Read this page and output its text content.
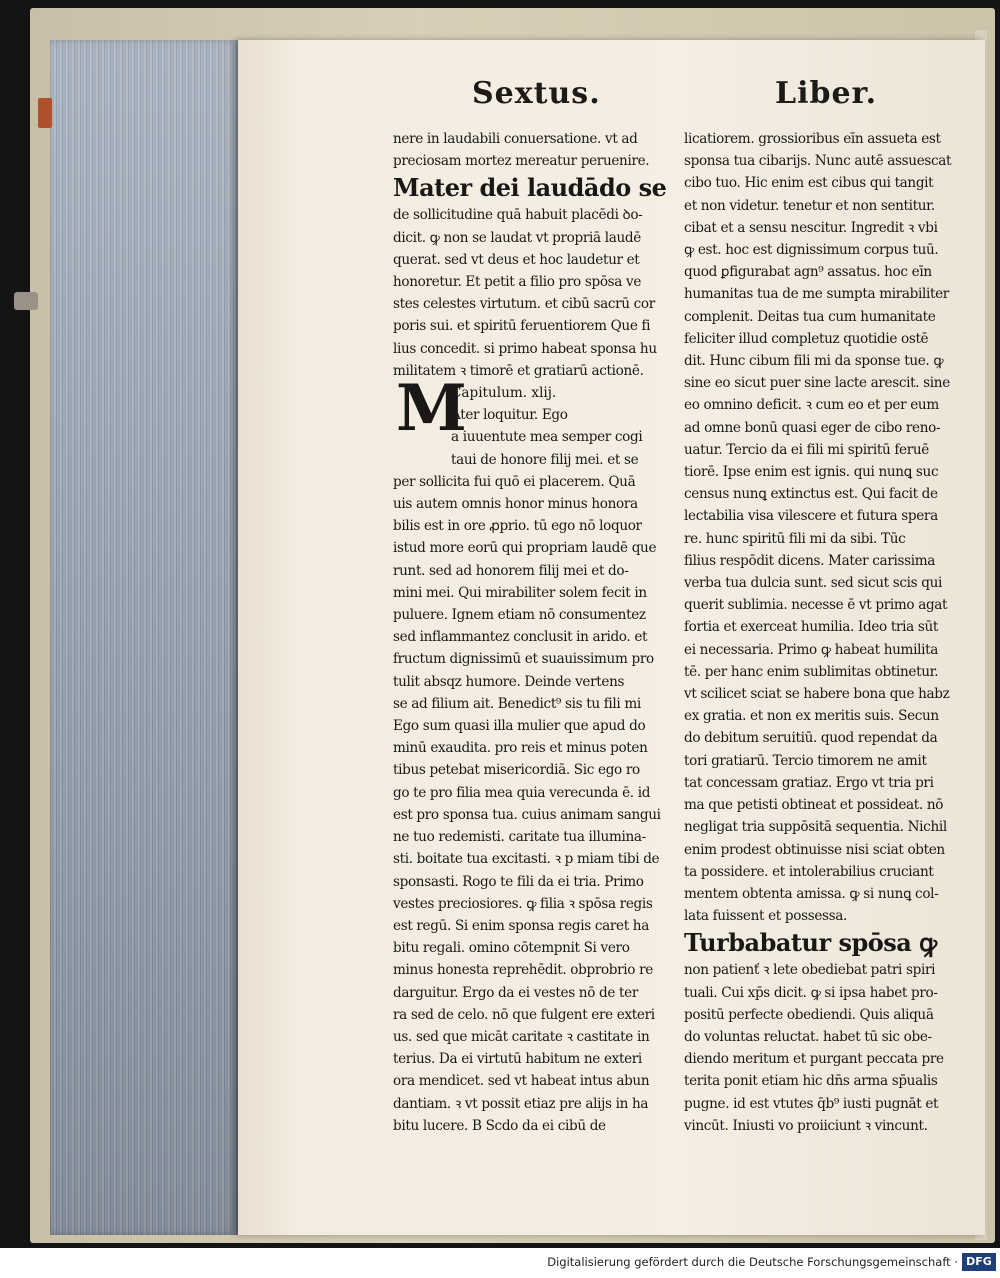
Sextus.	Liber.
nere in laudabili conuersatione. vt ad
preciosam mortez mereatur peruenire.
Mater dei laudādo se
de sollicitudine quā habuit placēdi ꝺo-
dicit. ꝙ non se laudat vt propriā laudē
querat. sed vt deus et hoc laudetur et
honoretur. Et petit a filio pro spōsa ve
stes celestes virtutum. et cibū sacrū cor
poris sui. et spiritū feruentiorem Que fi
lius concedit. si primo habeat sponsa hu
militatem ꝛ timorē et gratiarū actionē.
Capitulum. xlij.
Ater loquitur. Ego
a iuuentute mea semper cogi
taui de honore filij mei. et se
per sollicita fui quō ei placerem. Quā
uis autem omnis honor minus honora
bilis est in ore ꝓprio. tū ego nō loquor
istud more eorū qui propriam laudē que
runt. sed ad honorem filij mei et do-
mini mei. Qui mirabiliter solem fecit in
puluere. Ignem etiam nō consumentez
sed inflammantez conclusit in arido. et
fructum dignissimū et suauissimum pro
tulit absqz humore. Deinde vertens
se ad filium ait. Benedict⁹ sis tu fili mi
Ego sum quasi illa mulier que apud do
minū exaudita. pro reis et minus poten
tibus petebat misericordiā. Sic ego ro
go te pro filia mea quia verecunda ē. id
est pro sponsa tua. cuius animam sangui
ne tuo redemisti. caritate tua illumina-
sti. boitate tua excitasti. ꝛ p miam tibi de
sponsasti. Rogo te fili da ei tria. Primo
vestes preciosiores. ꝙ filia ꝛ spōsa regis
est regū. Si enim sponsa regis caret ha
bitu regali. omino cōtempnit Si vero
minus honesta reprehēdit. obprobrio re
darguitur. Ergo da ei vestes nō de ter
ra sed de celo. nō que fulgent ere exteri
us. sed que micāt caritate ꝛ castitate in
terius. Da ei virtutū habitum ne exteri
ora mendicet. sed vt habeat intus abun
dantiam. ꝛ vt possit etiaz pre alijs in ha
bitu lucere. B Scdo da ei cibū de
M
licatiorem. grossioribus eīn assueta est
sponsa tua cibarijs. Nunc autē assuescat
cibo tuo. Hic enim est cibus qui tangit
et non videtur. tenetur et non sentitur.
cibat et a sensu nescitur. Ingredit ꝛ vbi
ꝙ est. hoc est dignissimum corpus tuū.
quod ꝑfigurabat agn⁹ assatus. hoc eīn
humanitas tua de me sumpta mirabiliter
complenit. Deitas tua cum humanitate
feliciter illud completuz quotidie ostē
dit. Hunc cibum fili mi da sponse tue. ꝙ
sine eo sicut puer sine lacte arescit. sine
eo omnino deficit. ꝛ cum eo et per eum
ad omne bonū quasi eger de cibo reno-
uatur. Tercio da ei fili mi spiritū feruē
tiorē. Ipse enim est ignis. qui nunꝗ suc
census nunꝗ extinctus est. Qui facit de
lectabilia visa vilescere et futura spera
re. hunc spiritū fili mi da sibi. Tūc
filius respōdit dicens. Mater carissima
verba tua dulcia sunt. sed sicut scis qui
querit sublimia. necesse ē vt primo agat
fortia et exerceat humilia. Ideo tria sūt
ei necessaria. Primo ꝙ habeat humilita
tē. per hanc enim sublimitas obtinetur.
vt scilicet sciat se habere bona que habz
ex gratia. et non ex meritis suis. Secun
do debitum seruitiū. quod rependat da
tori gratiarū. Tercio timorem ne amit
tat concessam gratiaz. Ergo vt tria pri
ma que petisti obtineat et possideat. nō
negligat tria suppōsitā sequentia. Nichil
enim prodest obtinuisse nisi sciat obten
ta possidere. et intolerabilius cruciant
mentem obtenta amissa. ꝙ si nunꝗ col-
lata fuissent et possessa.
Turbabatur spōsa ꝙ
non patienť ꝛ lete obediebat patri spiri
tuali. Cui xp̄s dicit. ꝙ si ipsa habet pro-
positū perfecte obediendi. Quis aliquā
do voluntas reluctat. habet tū sic obe-
diendo meritum et purgant peccata pre
terita ponit etiam hic dn̄s arma sp̄ualis
pugne. id est vtutes q̄b⁹ iusti pugnāt et
vincūt. Iniusti vo proiiciunt ꝛ vincunt.
Digitalisierung gefördert durch die Deutsche Forschungsgemeinschaft · DFG
